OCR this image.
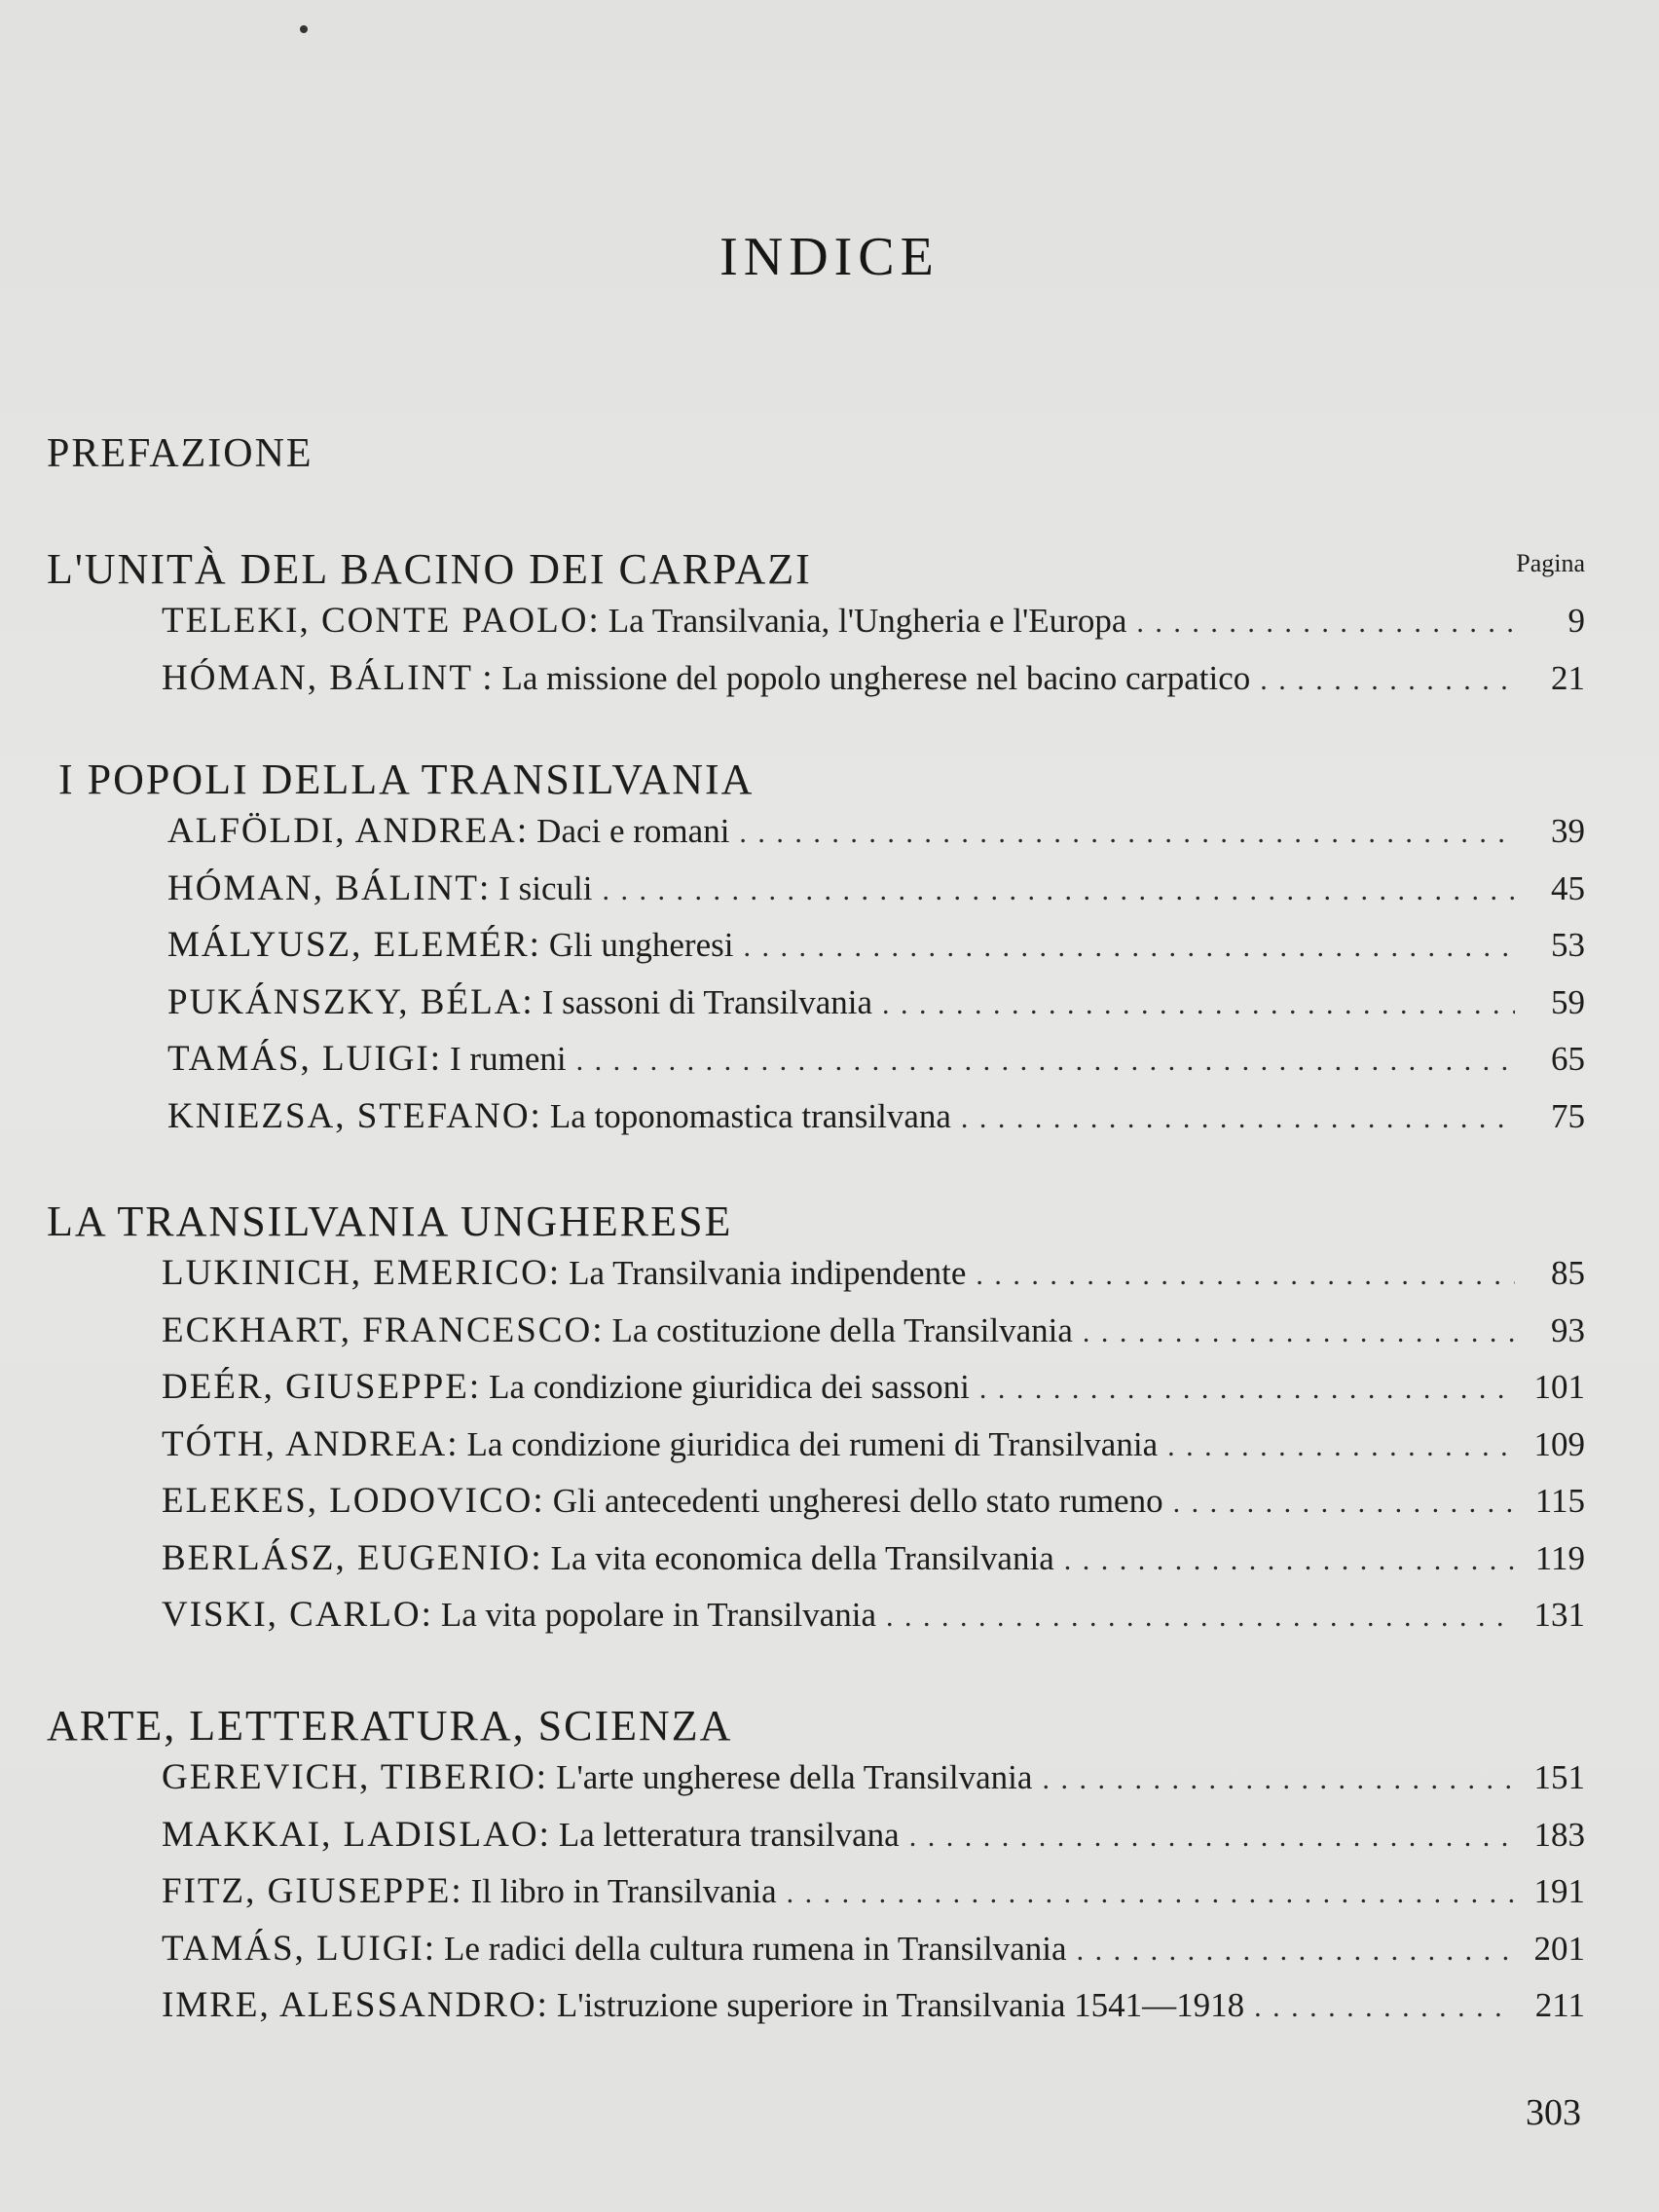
INDICE
PREFAZIONE
L'UNITÀ DEL BACINO DEI CARPAZI	Pagina
TELEKI, CONTE PAOLO : La Transilvania, l'Ungheria e l'Europa . . .	9
HÓMAN, BÁLINT : La missione del popolo ungherese nel bacino carpatico . . .	21
I POPOLI DELLA TRANSILVANIA
ALFÖLDI, ANDREA : Daci e romani . . .	39
HÓMAN, BÁLINT : I siculi . . .	45
MÁLYUSZ, ELEMÉR : Gli ungheresi . . .	53
PUKÁNSZKY, BÉLA : I sassoni di Transilvania . . .	59
TAMÁS, LUIGI : I rumeni . . .	65
KNIEZSA, STEFANO : La toponomastica transilvana . . .	75
LA TRANSILVANIA UNGHERESE
LUKINICH, EMERICO : La Transilvania indipendente . . .	85
ECKHART, FRANCESCO : La costituzione della Transilvania . . .	93
DEÉR, GIUSEPPE : La condizione giuridica dei sassoni . . .	101
TÓTH, ANDREA : La condizione giuridica dei rumeni di Transilvania . . .	109
ELEKES, LODOVICO : Gli antecedenti ungheresi dello stato rumeno . . .	115
BERLÁSZ, EUGENIO : La vita economica della Transilvania . . .	119
VISKI, CARLO : La vita popolare in Transilvania . . .	131
ARTE, LETTERATURA, SCIENZA
GEREVICH, TIBERIO : L'arte ungherese della Transilvania . . .	151
MAKKAI, LADISLAO : La letteratura transilvana . . .	183
FITZ, GIUSEPPE : Il libro in Transilvania . . .	191
TAMÁS, LUIGI : Le radici della cultura rumena in Transilvania . . .	201
IMRE, ALESSANDRO : L'istruzione superiore in Transilvania 1541—1918 . . .	211
303
